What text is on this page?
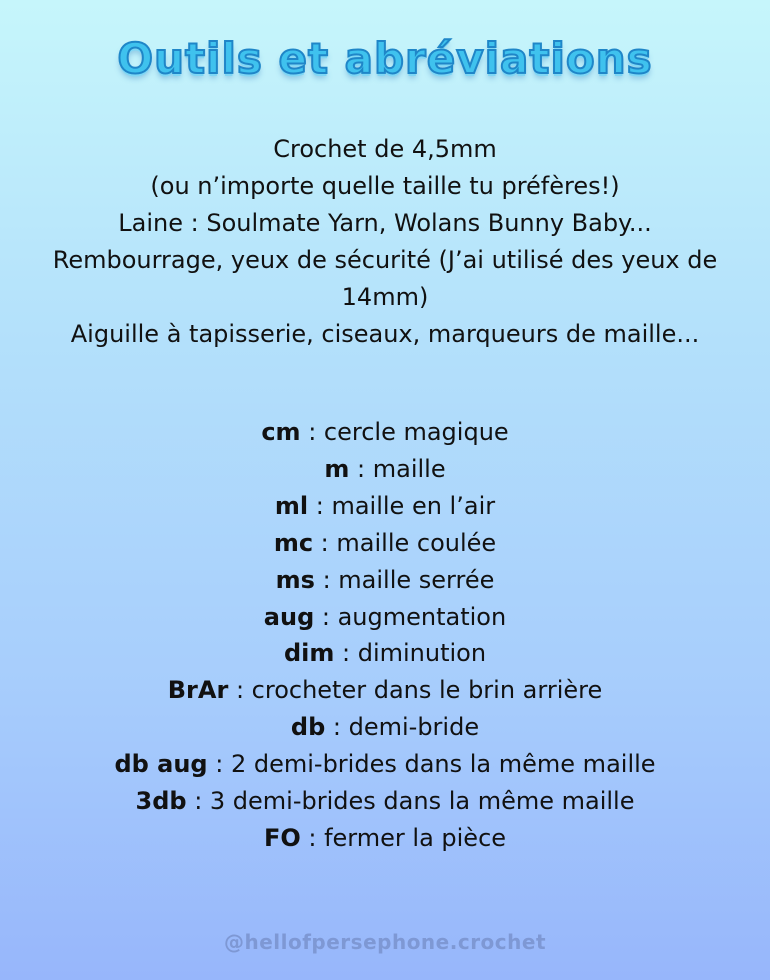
Outils et abréviations

Crochet de 4,5mm

(ou n’importe quelle taille tu préfères!)

Laine : Soulmate Yarn, Wolans Bunny Baby...

Rembourrage, yeux de sécurité (J’ai utilisé des yeux de 14mm)

Aiguille à tapisserie, ciseaux, marqueurs de maille...

cm : cercle magique

m : maille

ml : maille en l’air

mc : maille coulée

ms : maille serrée

aug : augmentation

dim : diminution

BrAr : crocheter dans le brin arrière

db : demi-bride

db aug : 2 demi-brides dans la même maille

3db : 3 demi-brides dans la même maille

FO : fermer la pièce

@hellofpersephone.crochet
